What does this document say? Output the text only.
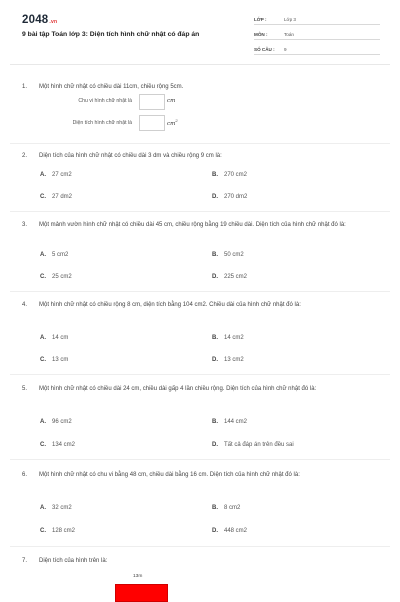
2048.vn
9 bài tập Toán lớp 3: Diện tích hình chữ nhật có đáp án
LỚP :	Lớp 3
MÔN :	Toán
SỐ CÂU : 9
1. Một hình chữ nhật có chiều dài 11cm, chiều rộng 5cm.
Chu vi hình chữ nhật là	cm
Diện tích hình chữ nhật là	$cm^2$
2. Diện tích của hình chữ nhật có chiều dài 3 dm và chiều rộng 9 cm là:
A. 27 cm2	B. 270 cm2
C. 27 dm2	D. 270 dm2
3. Một mảnh vườn hình chữ nhật có chiều dài 45 cm, chiều rộng bằng 19 chiều dài. Diện tích của hình chữ nhật đó là:
A. 5 cm2	B. 50 cm2
C. 25 cm2	D. 225 cm2
4. Một hình chữ nhật có chiều rộng 8 cm, diện tích bằng 104 cm2. Chiều dài của hình chữ nhật đó là:
A. 14 cm	B. 14 cm2
C. 13 cm	D. 13 cm2
5. Một hình chữ nhật có chiều dài 24 cm, chiều dài gấp 4 lần chiều rộng. Diện tích của hình chữ nhật đó là:
A. 96 cm2	B. 144 cm2
C. 134 cm2	D. Tất cả đáp án trên đều sai
6. Một hình chữ nhật có chu vi bằng 48 cm, chiều dài bằng 16 cm. Diện tích của hình chữ nhật đó là:
A. 32 cm2	B. 8 cm2
C. 128 cm2	D. 448 cm2
7. Diện tích của hình trên là:
13m
